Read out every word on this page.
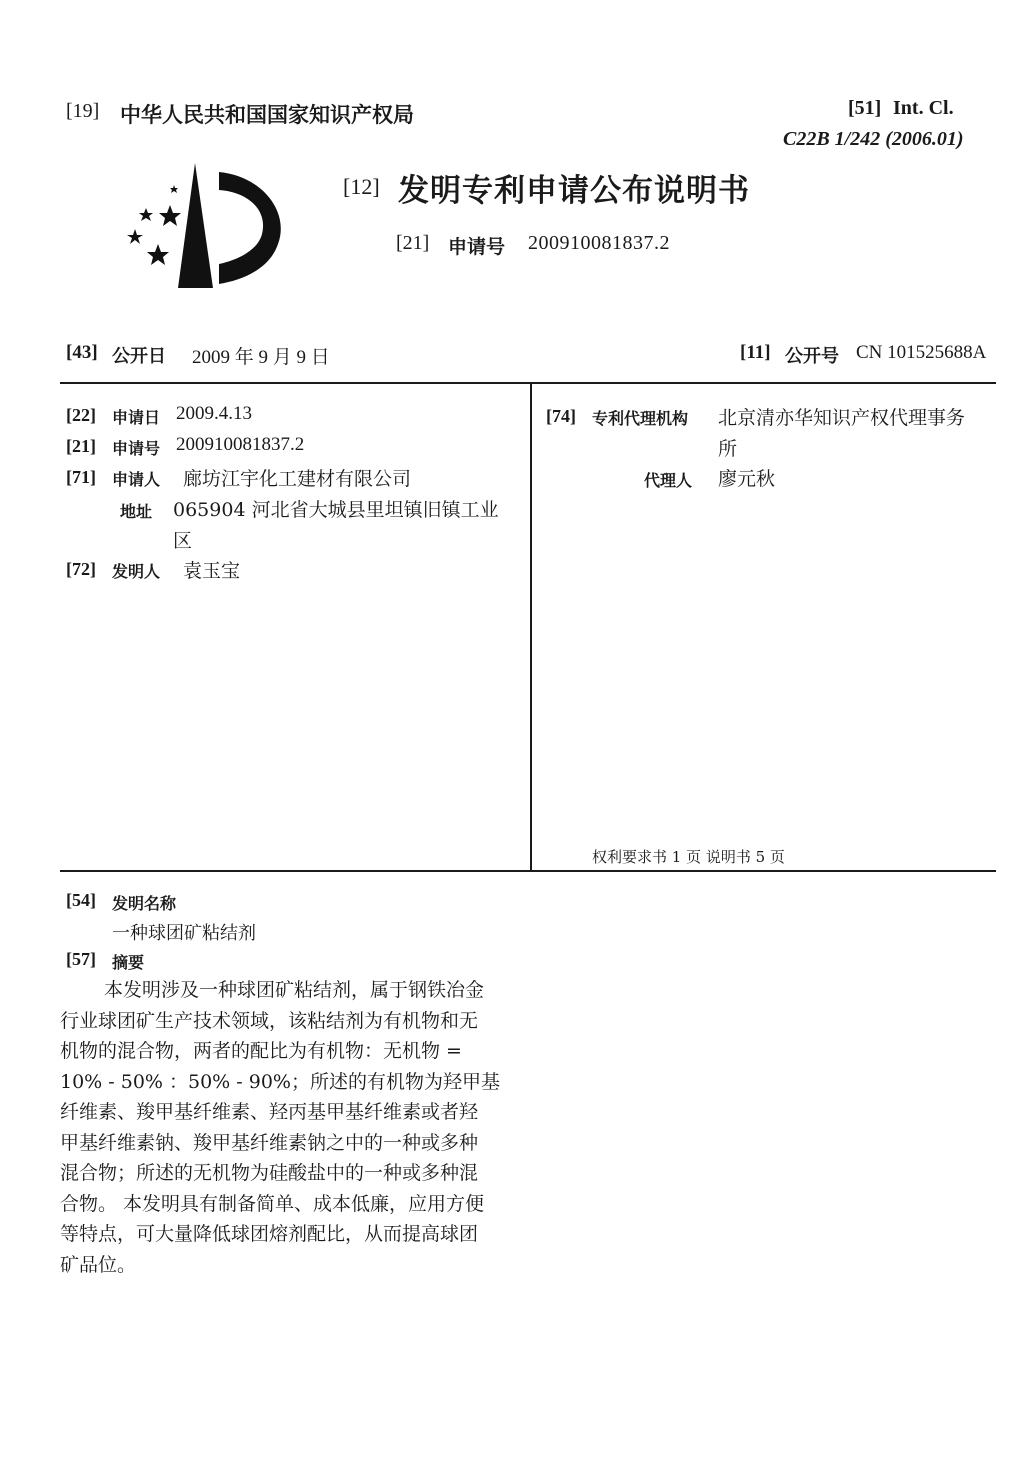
[19] 中华人民共和国国家知识产权局	[51] Int. Cl.
C22B 1/242 (2006.01)
[12] 发明专利申请公布说明书
[21] 申请号 200910081837.2
[43] 公开日 2009 年 9 月 9 日	[11] 公开号 CN 101525688A
[22] 申请日 2009.4.13
[21] 申请号 200910081837.2
[71] 申请人 廊坊江宇化工建材有限公司
地址 065904 河北省大城县里坦镇旧镇工业
区
[72] 发明人 袁玉宝
[74] 专利代理机构 北京清亦华知识产权代理事务
所
代理人 廖元秋
权利要求书 1 页 说明书 5 页
[54] 发明名称
一种球团矿粘结剂
[57] 摘要
本发明涉及一种球团矿粘结剂，属于钢铁冶金
行业球团矿生产技术领域，该粘结剂为有机物和无
机物的混合物，两者的配比为有机物：无机物 =
10% - 50% ：50% - 90%；所述的有机物为羟甲基
纤维素、羧甲基纤维素、羟丙基甲基纤维素或者羟
甲基纤维素钠、羧甲基纤维素钠之中的一种或多种
混合物；所述的无机物为硅酸盐中的一种或多种混
合物。 本发明具有制备简单、成本低廉，应用方便
等特点，可大量降低球团熔剂配比，从而提高球团
矿品位。
